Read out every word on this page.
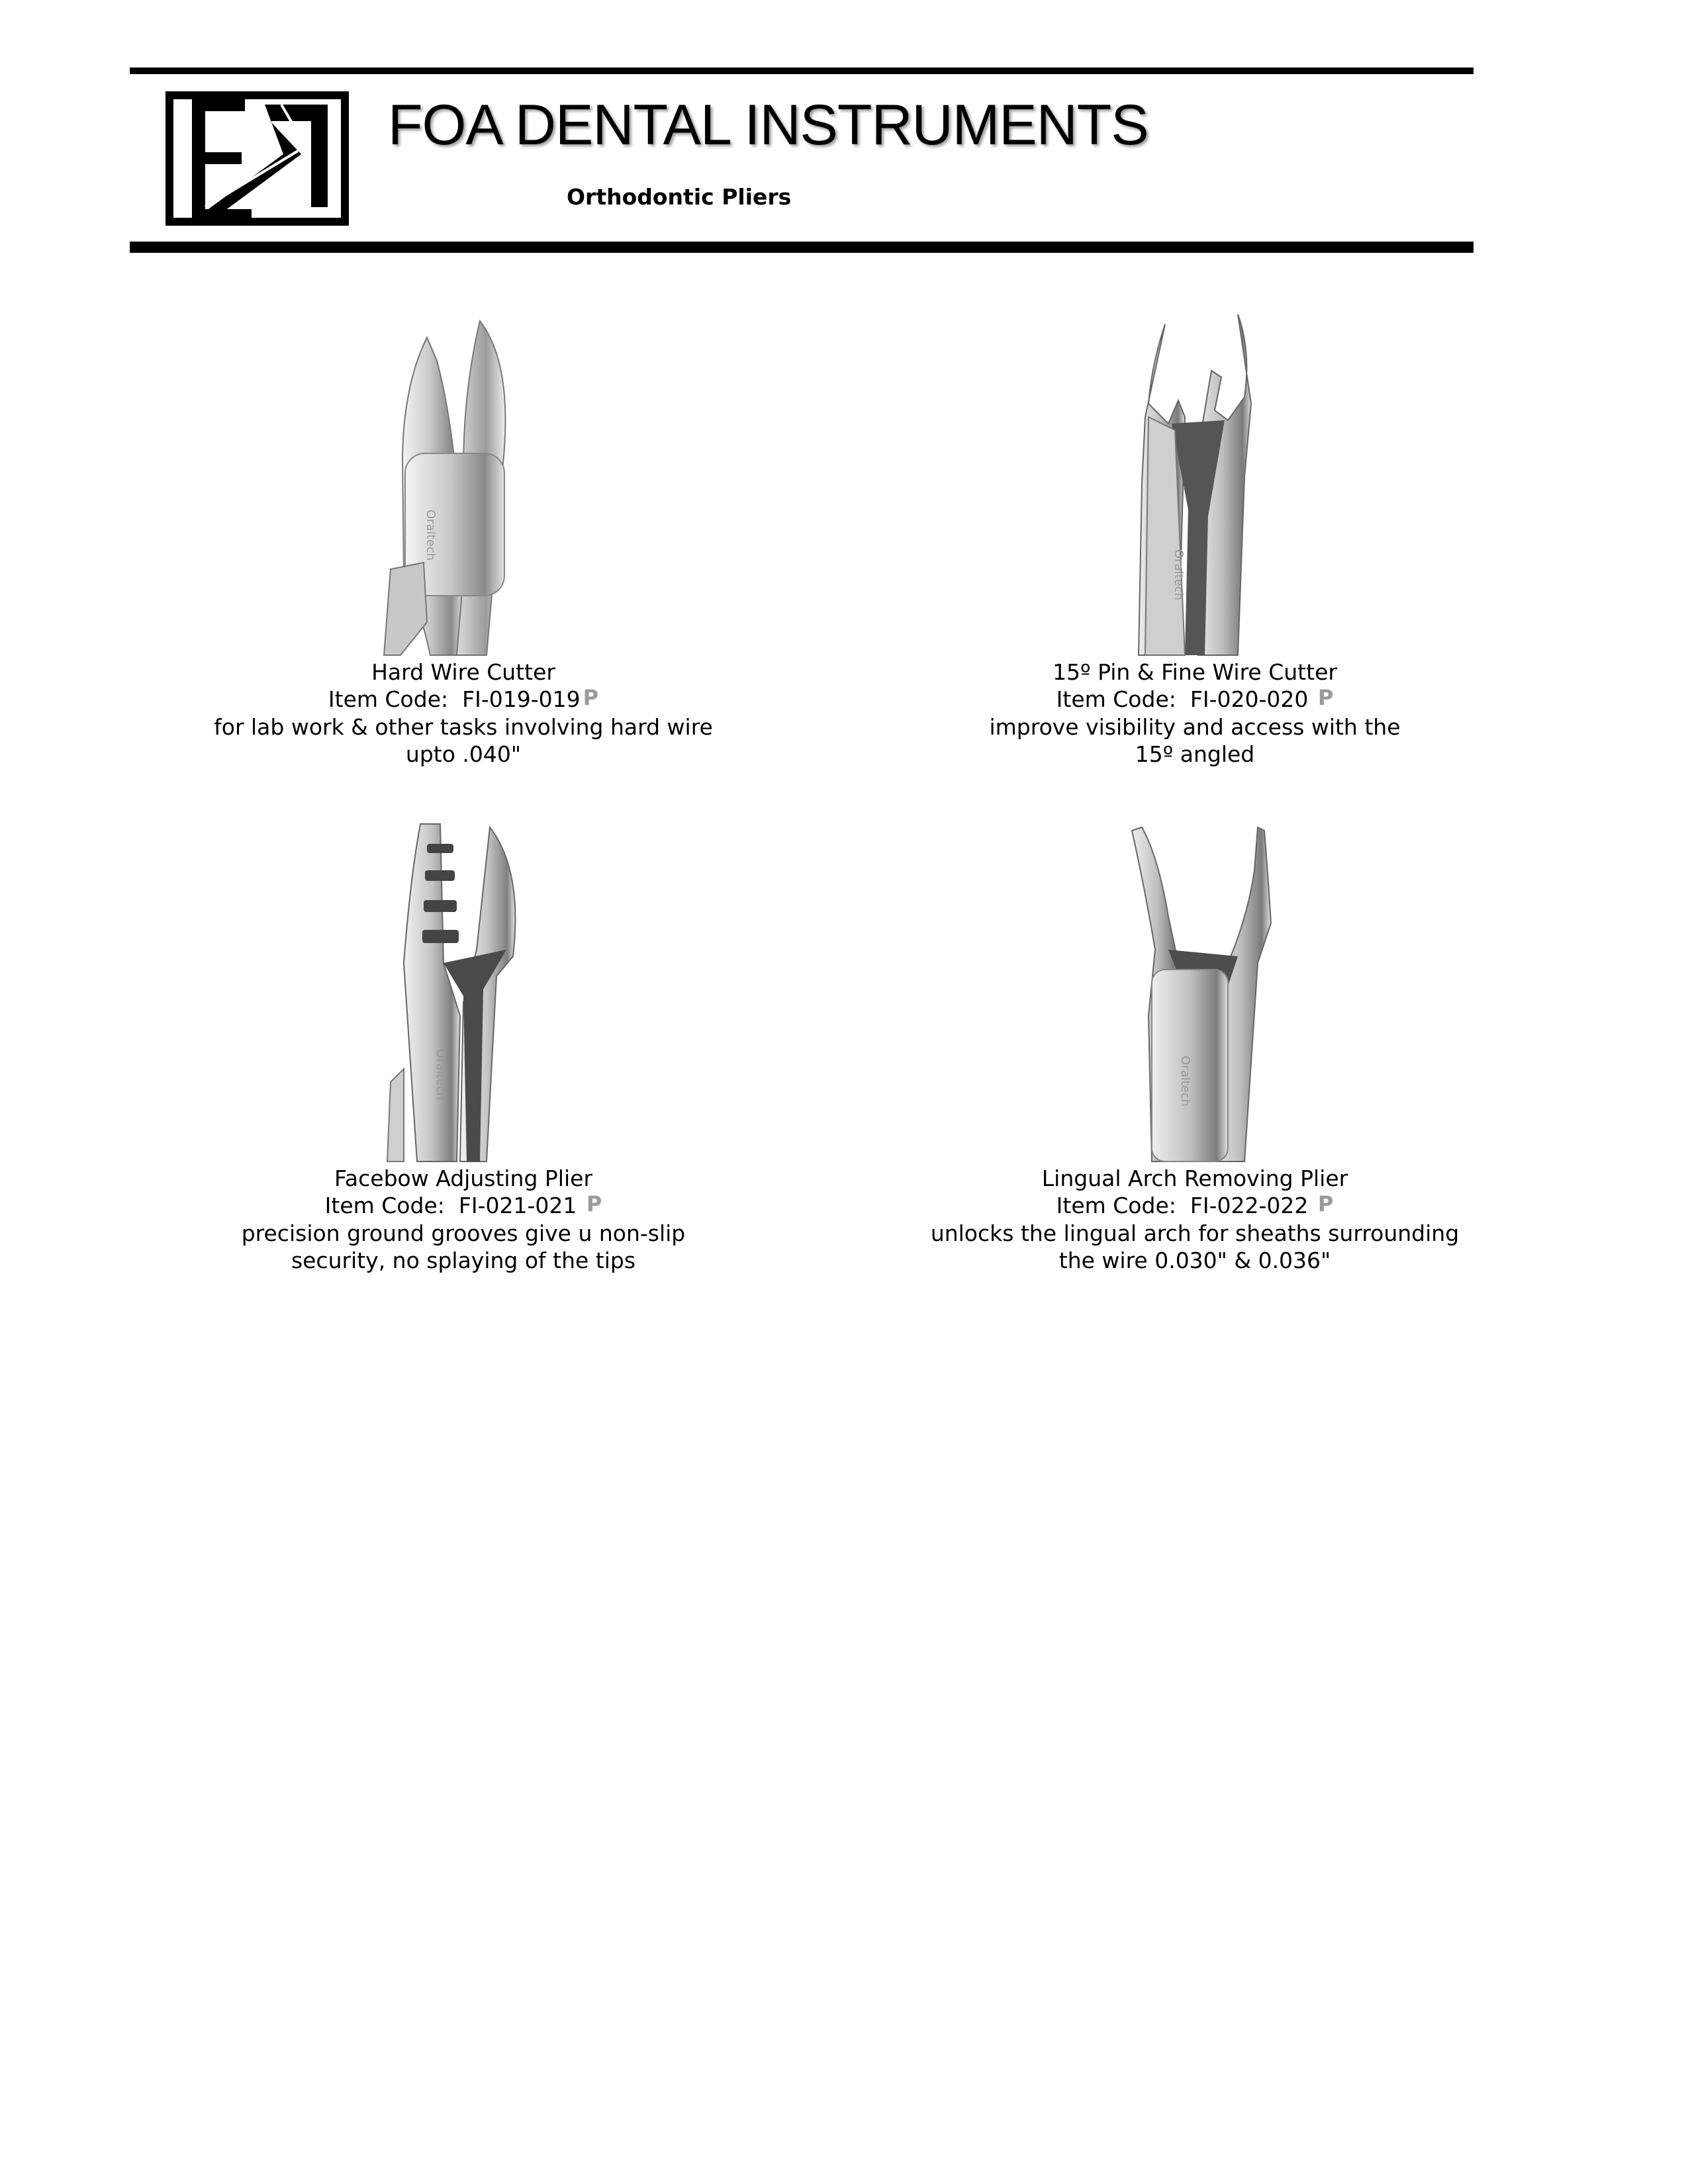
FOA DENTAL INSTRUMENTS
Orthodontic Pliers
Oraltech
Hard Wire Cutter
Item Code: FI-019-019 P
for lab work & other tasks involving hard wire
upto .040"
Oraltech
15º Pin & Fine Wire Cutter
Item Code: FI-020-020 P
improve visibility and access with the
15º angled
Oraltech
Facebow Adjusting Plier
Item Code: FI-021-021 P
precision ground grooves give u non-slip
security, no splaying of the tips
Oraltech
Lingual Arch Removing Plier
Item Code: FI-022-022 P
unlocks the lingual arch for sheaths surrounding
the wire 0.030" & 0.036"
